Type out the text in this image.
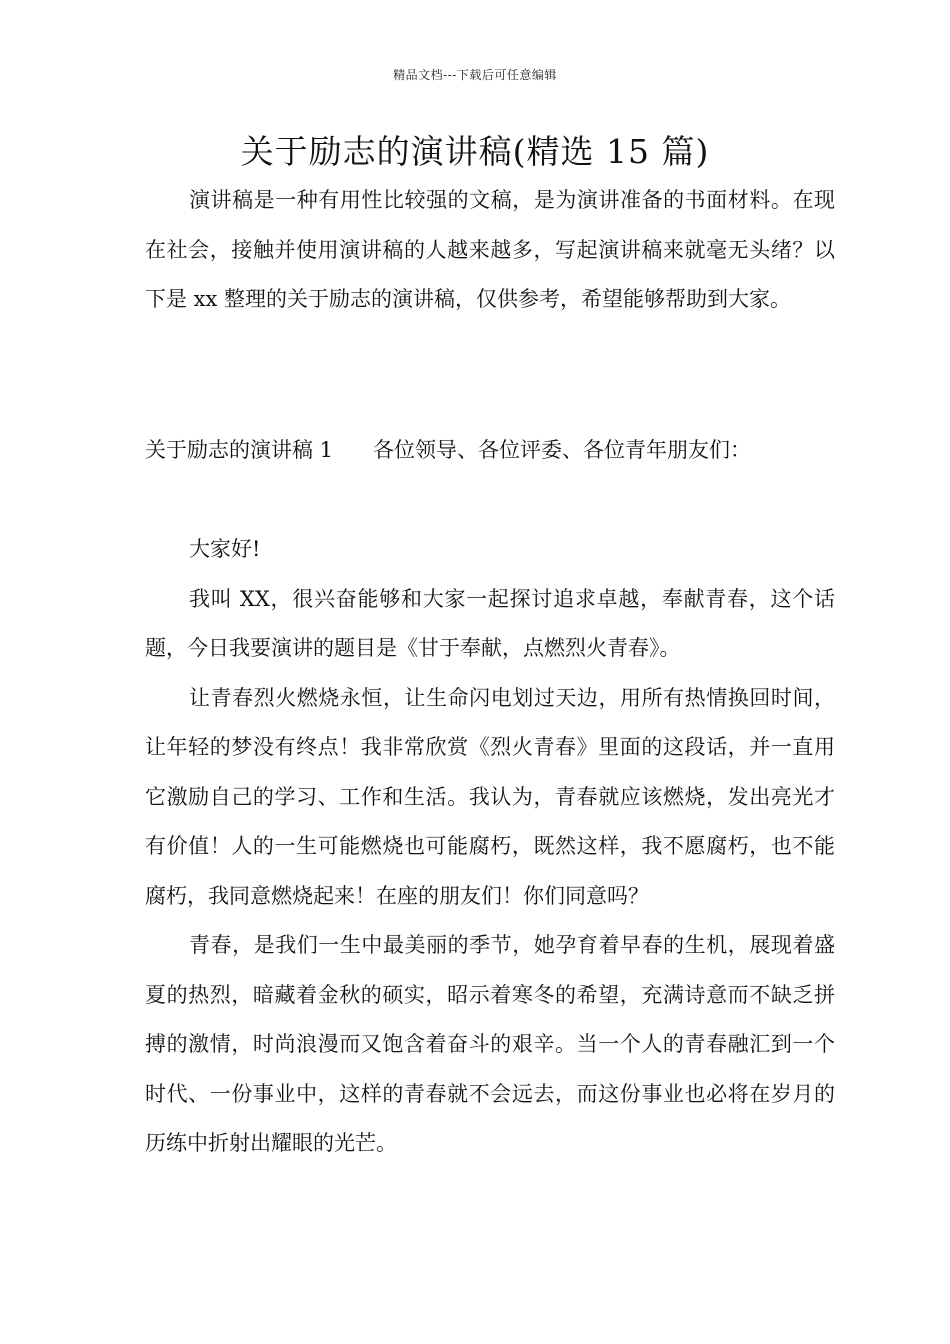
精品文档---下载后可任意编辑
关于励志的演讲稿(精选 15 篇)

演讲稿是一种有用性比较强的文稿，是为演讲准备的书面材料。在现在社会，接触并使用演讲稿的人越来越多，写起演讲稿来就毫无头绪？以下是 xx 整理的关于励志的演讲稿，仅供参考，希望能够帮助到大家。

关于励志的演讲稿 1 各位领导、各位评委、各位青年朋友们：

大家好!

我叫 XX，很兴奋能够和大家一起探讨追求卓越，奉献青春，这个话题，今日我要演讲的题目是《甘于奉献，点燃烈火青春》。

让青春烈火燃烧永恒，让生命闪电划过天边，用所有热情换回时间，让年轻的梦没有终点！我非常欣赏《烈火青春》里面的这段话，并一直用它激励自己的学习、工作和生活。我认为，青春就应该燃烧，发出亮光才有价值！人的一生可能燃烧也可能腐朽，既然这样，我不愿腐朽，也不能腐朽，我同意燃烧起来！在座的朋友们！你们同意吗？

青春，是我们一生中最美丽的季节，她孕育着早春的生机，展现着盛夏的热烈，暗藏着金秋的硕实，昭示着寒冬的希望，充满诗意而不缺乏拼搏的激情，时尚浪漫而又饱含着奋斗的艰辛。当一个人的青春融汇到一个时代、一份事业中，这样的青春就不会远去，而这份事业也必将在岁月的历练中折射出耀眼的光芒。
